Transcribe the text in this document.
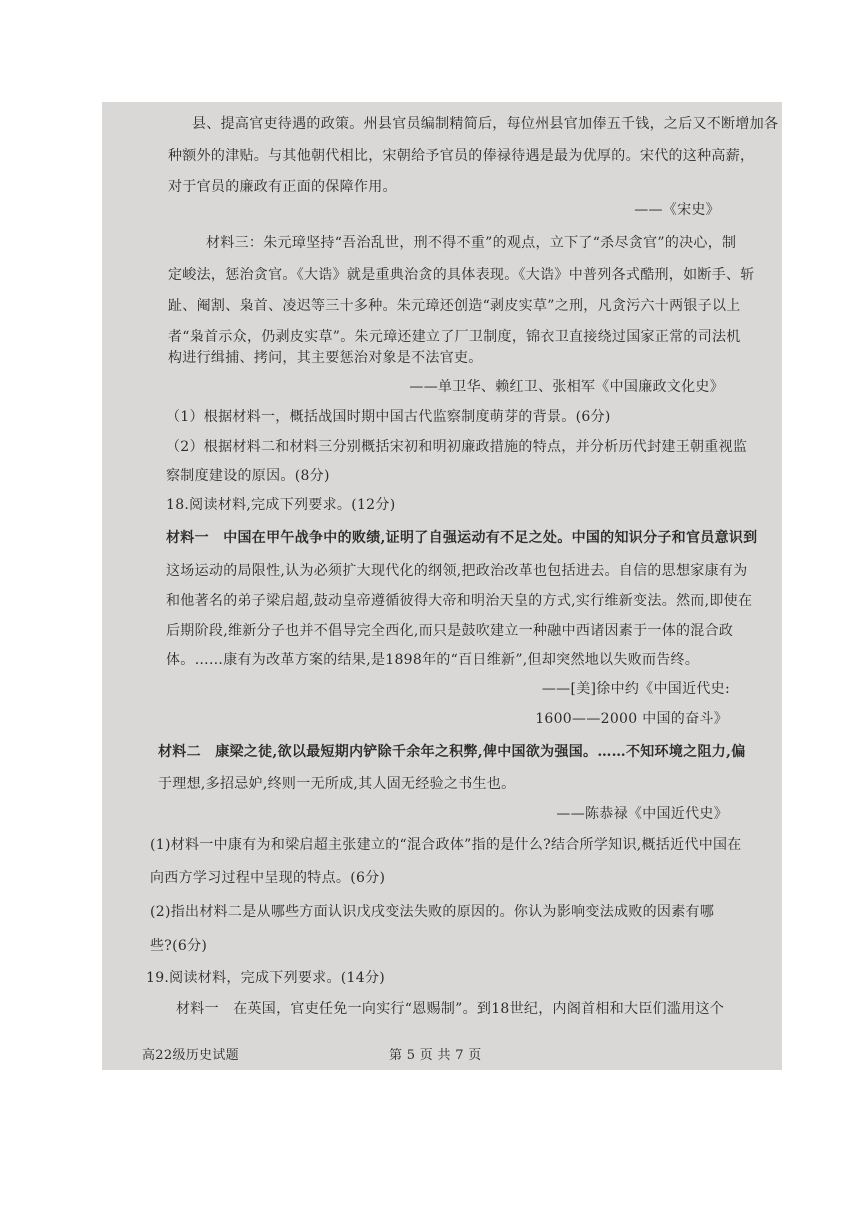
县、提高官吏待遇的政策。州县官员编制精简后，每位州县官加俸五千钱，之后又不断增加各
种额外的津贴。与其他朝代相比，宋朝给予官员的俸禄待遇是最为优厚的。宋代的这种高薪，
对于官员的廉政有正面的保障作用。
——《宋史》
材料三：朱元璋坚持“吾治乱世，刑不得不重”的观点，立下了“杀尽贪官”的决心，制
定峻法，惩治贪官。《大诰》就是重典治贪的具体表现。《大诰》中普列各式酷刑，如断手、斩
趾、阉割、枭首、凌迟等三十多种。朱元璋还创造“剥皮实草”之刑，凡贪污六十两银子以上
者“枭首示众，仍剥皮实草”。朱元璋还建立了厂卫制度，锦衣卫直接绕过国家正常的司法机
构进行缉捕、拷问，其主要惩治对象是不法官吏。
——单卫华、赖红卫、张相军《中国廉政文化史》
（1）根据材料一，概括战国时期中国古代监察制度萌芽的背景。(6分)
（2）根据材料二和材料三分别概括宋初和明初廉政措施的特点，并分析历代封建王朝重视监
察制度建设的原因。(8分)
18.阅读材料,完成下列要求。(12分)
材料一　中国在甲午战争中的败绩,证明了自强运动有不足之处。中国的知识分子和官员意识到
这场运动的局限性,认为必须扩大现代化的纲领,把政治改革也包括进去。自信的思想家康有为
和他著名的弟子梁启超,鼓动皇帝遵循彼得大帝和明治天皇的方式,实行维新变法。然而,即使在
后期阶段,维新分子也并不倡导完全西化,而只是鼓吹建立一种融中西诸因素于一体的混合政
体。……康有为改革方案的结果,是1898年的“百日维新”,但却突然地以失败而告终。
——[美]徐中约《中国近代史:
1600——2000 中国的奋斗》
材料二　康梁之徒,欲以最短期内铲除千余年之积弊,俾中国欲为强国。……不知环境之阻力,偏
于理想,多招忌妒,终则一无所成,其人固无经验之书生也。
——陈恭禄《中国近代史》
(1)材料一中康有为和梁启超主张建立的“混合政体”指的是什么?结合所学知识,概括近代中国在
向西方学习过程中呈现的特点。(6分)
(2)指出材料二是从哪些方面认识戊戌变法失败的原因的。你认为影响变法成败的因素有哪
些?(6分)
19.阅读材料，完成下列要求。(14分)
材料一　在英国，官吏任免一向实行“恩赐制”。到18世纪，内阁首相和大臣们滥用这个
高22级历史试题	第 5 页 共 7 页
